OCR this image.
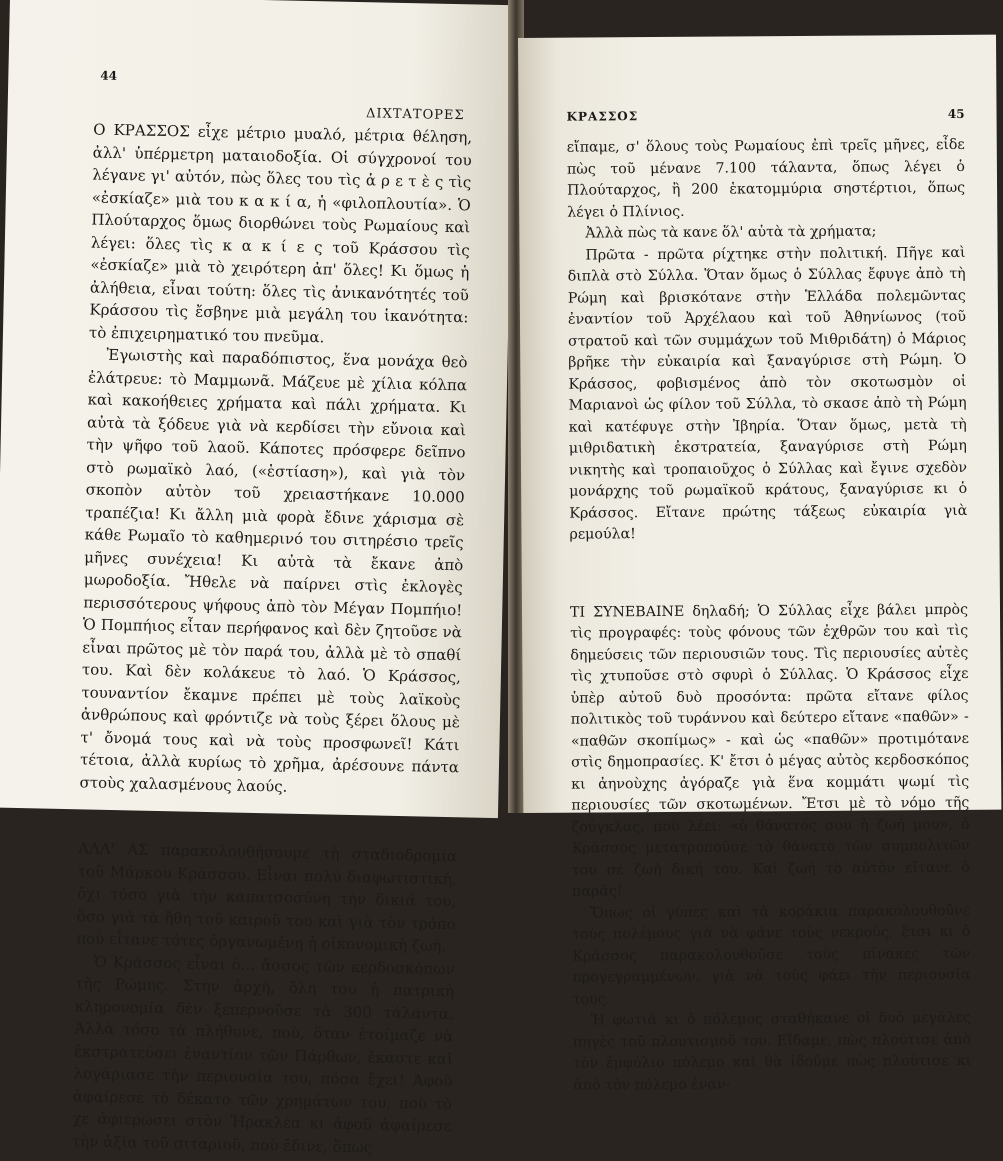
44
ΔΙΧΤΑΤΟΡΕΣ

Ο ΚΡΑΣΣΟΣ εἶχε μέτριο μυαλό, μέτρια θέληση, ἀλλ' ὑπέρμετρη ματαιοδοξία. Οἱ σύγχρονοί του λέγανε γι' αὐτόν, πὼς ὅλες του τὶς ἀ ρ ε τ ὲ ς τὶς «ἐσκίαζε» μιὰ του κ α κ ί α, ἡ «φιλοπλουτία». Ὁ Πλούταρχος ὅμως διορθώνει τοὺς Ρωμαίους καὶ λέγει: ὅλες τὶς κ α κ ί ε ς τοῦ Κράσσου τὶς «ἐσκίαζε» μιὰ τὸ χειρότερη ἀπ' ὅλες! Κι ὅμως ἡ ἀλήθεια, εἶναι τούτη: ὅλες τὶς ἀνικανότητές τοῦ Κράσσου τὶς ἔσβηνε μιὰ μεγάλη του ἱκανότητα: τὸ ἐπιχειρηματικό του πνεῦμα.

Ἐγωιστὴς καὶ παραδόπιστος, ἕνα μονάχα θεὸ ἐλάτρευε: τὸ Μαμμωνᾶ. Μάζευε μὲ χίλια κόλπα καὶ κακοήθειες χρήματα καὶ πάλι χρήματα. Κι αὐτὰ τὰ ξόδευε γιὰ νὰ κερδίσει τὴν εὔνοια καὶ τὴν ψῆφο τοῦ λαοῦ. Κάποτες πρόσφερε δεῖπνο στὸ ρωμαϊκὸ λαό, («ἑστίαση»), καὶ γιὰ τὸν σκοπὸν αὐτὸν τοῦ χρειαστήκανε 10.000 τραπέζια! Κι ἄλλη μιὰ φορὰ ἔδινε χάρισμα σὲ κάθε Ρωμαῖο τὸ καθημερινό του σιτηρέσιο τρεῖς μῆνες συνέχεια! Κι αὐτὰ τὰ ἔκανε ἀπὸ μωροδοξία. Ἤθελε νὰ παίρνει στὶς ἐκλογὲς περισσότερους ψήφους ἀπὸ τὸν Μέγαν Πομπήιο! Ὁ Πομπήιος εἶταν περήφανος καὶ δὲν ζητοῦσε νὰ εἶναι πρῶτος μὲ τὸν παρά του, ἀλλὰ μὲ τὸ σπαθί του. Καὶ δὲν κολάκευε τὸ λαό. Ὁ Κράσσος, τουναντίον ἔκαμνε πρέπει μὲ τοὺς λαϊκοὺς ἀνθρώπους καὶ φρόντιζε νὰ τοὺς ξέρει ὅλους μὲ τ' ὄνομά τους καὶ νὰ τοὺς προσφωνεῖ! Κάτι τέτοια, ἀλλὰ κυρίως τὸ χρῆμα, ἀρέσουνε πάντα στοὺς χαλασμένους λαούς.

ΑΛΛ' ΑΣ παρακολουθήσουμε τὴ σταδιοδρομία τοῦ Μάρκου Κράσσου. Εἶναι πολὺ διαφωτιστική, ὄχι τόσο γιὰ τὴν καπατσοσύνη τὴν δικιά του, ὅσο γιὰ τὰ ἤθη τοῦ καιροῦ του καὶ γιὰ τὸν τρόπο ποὺ εἶτανε τότες ὀργανωμένη ἡ οἰκονομικὴ ζωή.

Ὁ Κράσσος εἶναι ὁ... ἄσσος τῶν κερδοσκόπων τῆς Ρώμης. Στὴν ἀρχή, ὅλη του ἡ πατρικὴ κληρονομία δὲν ξεπερνοῦσε τὰ 300 τάλαντα. Ἀλλὰ τόσο τὰ πλήθυνε, ποὺ, ὅταν ἑτοίμαζε νὰ ἐκστρατεύσει ἐναντίον τῶν Πάρθων, ἔκαστε καὶ λογάριασε τὴν περιουσία του, πόσα ἔχει! Ἀφοῦ ἀφαίρεσε τὸ δέκατο τῶν χρημάτων του, ποὺ τὸ χε ἀφιερώσει στὸν Ἡρακλέα κι ἀφοῦ ἀφαίρεσε τὴν ἀξία τοῦ σιταριοῦ, ποὺ ἔδινε, ὅπως

ΚΡΑΣΣΟΣ	45

εἴπαμε, σ' ὅλους τοὺς Ρωμαίους ἐπὶ τρεῖς μῆνες, εἶδε πὼς τοῦ μένανε 7.100 τάλαντα, ὅπως λέγει ὁ Πλούταρχος, ἢ 200 ἑκατομμύρια σηστέρτιοι, ὅπως λέγει ὁ Πλίνιος.

Ἀλλὰ πὼς τὰ κανε ὅλ' αὐτὰ τὰ χρήματα;

Πρῶτα - πρῶτα ρίχτηκε στὴν πολιτική. Πῆγε καὶ διπλὰ στὸ Σύλλα. Ὅταν ὅμως ὁ Σύλλας ἔφυγε ἀπὸ τὴ Ρώμη καὶ βρισκότανε στὴν Ἑλλάδα πολεμῶντας ἐναντίον τοῦ Ἀρχέλαου καὶ τοῦ Ἀθηνίωνος (τοῦ στρατοῦ καὶ τῶν συμμάχων τοῦ Μιθριδάτη) ὁ Μάριος βρῆκε τὴν εὐκαιρία καὶ ξαναγύρισε στὴ Ρώμη. Ὁ Κράσσος, φοβισμένος ἀπὸ τὸν σκοτωσμὸν οἱ Μαριανοὶ ὡς φίλον τοῦ Σύλλα, τὸ σκασε ἀπὸ τὴ Ρώμη καὶ κατέφυγε στὴν Ἰβηρία. Ὅταν ὅμως, μετὰ τὴ μιθριδατικὴ ἐκστρατεία, ξαναγύρισε στὴ Ρώμη νικητὴς καὶ τροπαιοῦχος ὁ Σύλλας καὶ ἔγινε σχεδὸν μονάρχης τοῦ ρωμαϊκοῦ κράτους, ξαναγύρισε κι ὁ Κράσσος. Εἴτανε πρώτης τάξεως εὐκαιρία γιὰ ρεμούλα!

ΤΙ ΣΥΝΕΒΑΙΝΕ δηλαδή; Ὁ Σύλλας εἶχε βάλει μπρὸς τὶς προγραφές: τοὺς φόνους τῶν ἐχθρῶν του καὶ τὶς δημεύσεις τῶν περιουσιῶν τους. Τὶς περιουσίες αὐτὲς τὶς χτυποῦσε στὸ σφυρὶ ὁ Σύλλας. Ὁ Κράσσος εἶχε ὑπὲρ αὐτοῦ δυὸ προσόντα: πρῶτα εἴτανε φίλος πολιτικὸς τοῦ τυράννου καὶ δεύτερο εἴτανε «παθῶν» - «παθῶν σκοπίμως» - καὶ ὡς «παθῶν» προτιμότανε στὶς δημοπρασίες. Κ' ἔτσι ὁ μέγας αὐτὸς κερδοσκόπος κι ἀηνοὺχης ἀγόραζε γιὰ ἕνα κομμάτι ψωμί τὶς περιουσίες τῶν σκοτωμένων. Ἔτσι μὲ τὸ νόμο τῆς ζούγκλας, ποὺ λέει: «ὁ θάνατός σου ἡ ζωή μου», ὁ Κράσσος μετατροποῦσε τὸ θάνατο τῶν συμπολιτῶν του σὲ ζωὴ δική του. Καὶ ζωὴ τὸ αὐτὸν εἴτανε ὁ παρᾶς!

Ὅπως οἱ γύπες καὶ τὰ κοράκια παρακολουθοῦνε τοὺς πολέμους γιὰ νὰ φάνε τοὺς νεκρούς, ἔτσι κι ὁ Κράσσος παρακολουθοῦσε τοὺς πίνακες τῶν προγεγραμμένων, γιὰ νὰ τοὺς φάει τὴν περιουσία τους.

Ἡ φωτιὰ κι ὁ πόλεμος σταθήκανε οἱ δυὸ μεγάλες πηγὲς τοῦ πλουτισμοῦ του. Εἴδαμε, πὼς πλούτισε ἀπὸ τὸν ἐμφύλιο πόλεμο καὶ θὰ ἰδοῦμε πὼς πλούτισε κι ἀπὸ τὸν πόλεμο ἐναν-
